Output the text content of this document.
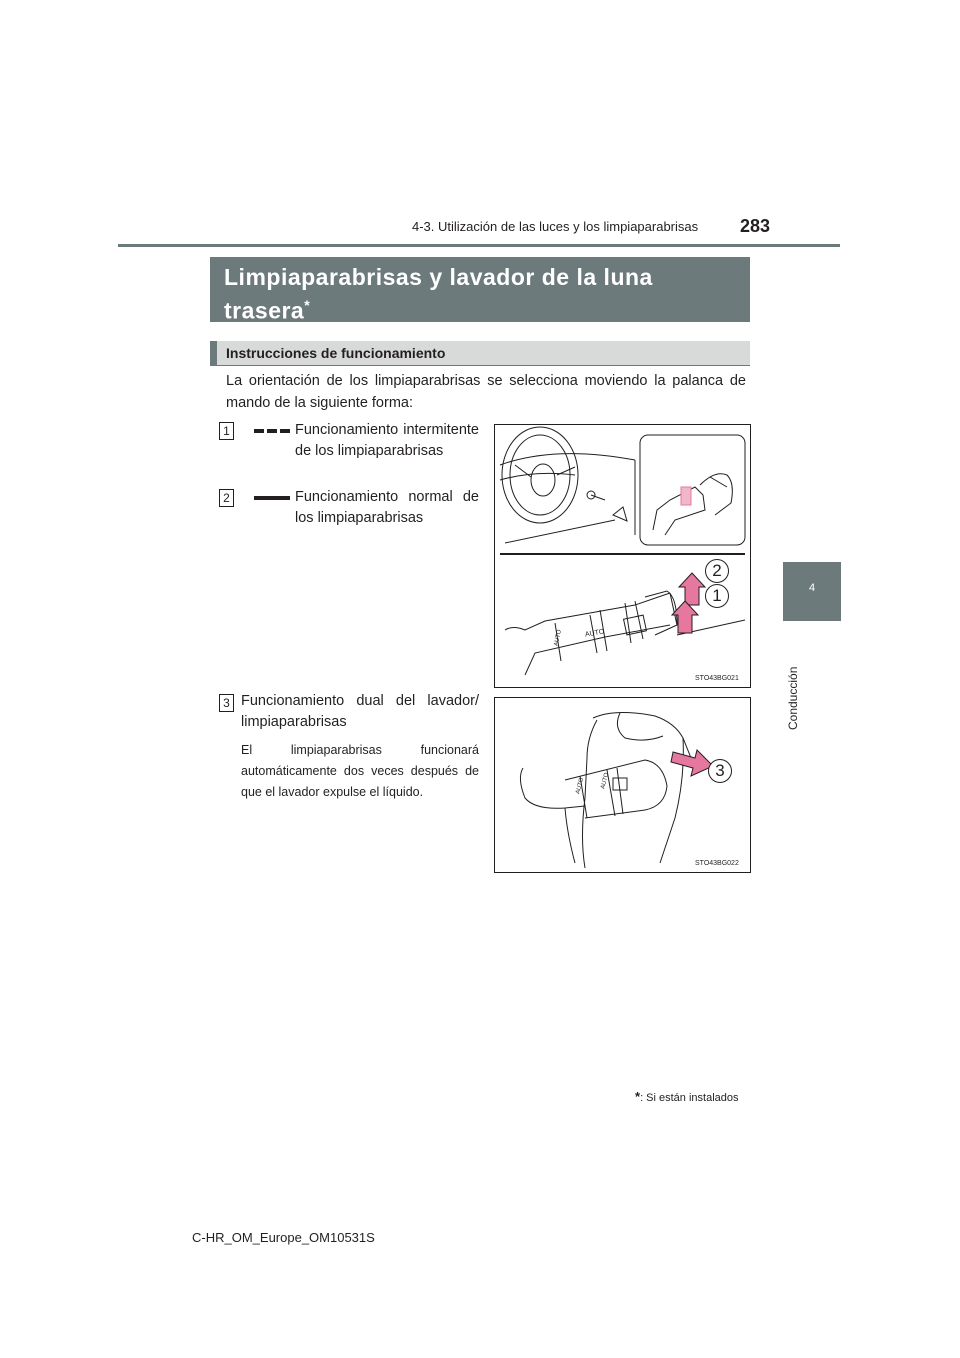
4-3. Utilización de las luces y los limpiaparabrisas 283
4
Conducción
Limpiaparabrisas y lavador de la luna trasera*
Instrucciones de funcionamiento
La orientación de los limpiaparabrisas se selecciona moviendo la palanca de mando de la siguiente forma:
1	Funcionamiento intermitente de los limpiaparabrisas
2	Funcionamiento normal de los limpiaparabrisas
3 Funcionamiento dual del lavador/ limpiaparabrisas
El limpiaparabrisas funcionará automáticamente dos veces después de que el lavador expulse el líquido.
2
1
AUTO	AUTO
STO43BG021
3
AUTO AUTO
STO43BG022
*: Si están instalados
C-HR_OM_Europe_OM10531S
